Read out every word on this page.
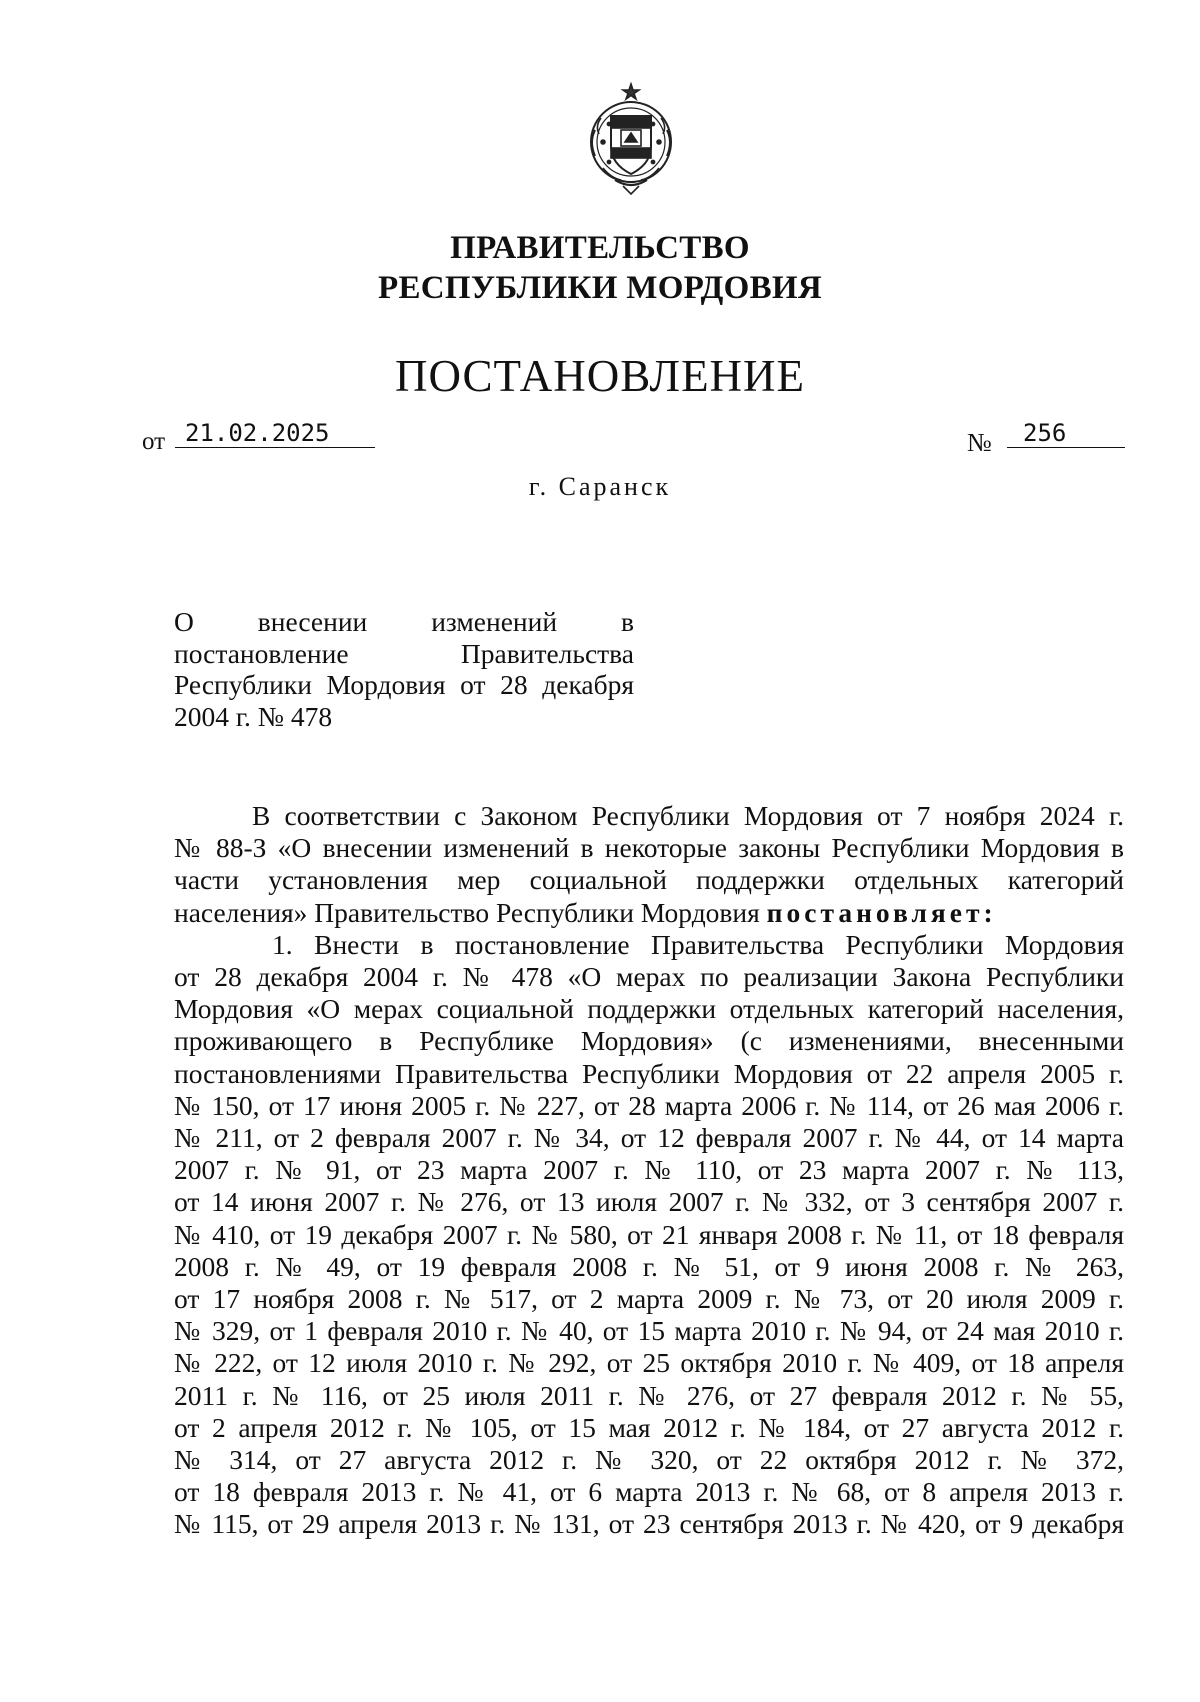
ПРАВИТЕЛЬСТВО
РЕСПУБЛИКИ МОРДОВИЯ
ПОСТАНОВЛЕНИЕ
от 21.02.2025	№	256
г. Саранск
О внесении изменений в
постановление Правительства
Республики Мордовия от 28 декабря
2004 г. № 478
В соответствии с Законом Республики Мордовия от 7 ноября 2024 г.
№ 88-З «О внесении изменений в некоторые законы Республики Мордовия в
части установления мер социальной поддержки отдельных категорий
населения» Правительство Республики Мордовия постановляет:
1. Внести в постановление Правительства Республики Мордовия
от 28 декабря 2004 г. № 478 «О мерах по реализации Закона Республики
Мордовия «О мерах социальной поддержки отдельных категорий населения,
проживающего в Республике Мордовия» (с изменениями, внесенными
постановлениями Правительства Республики Мордовия от 22 апреля 2005 г.
№ 150, от 17 июня 2005 г. № 227, от 28 марта 2006 г. № 114, от 26 мая 2006 г.
№ 211, от 2 февраля 2007 г. № 34, от 12 февраля 2007 г. № 44, от 14 марта
2007 г. № 91, от 23 марта 2007 г. № 110, от 23 марта 2007 г. № 113,
от 14 июня 2007 г. № 276, от 13 июля 2007 г. № 332, от 3 сентября 2007 г.
№ 410, от 19 декабря 2007 г. № 580, от 21 января 2008 г. № 11, от 18 февраля
2008 г. № 49, от 19 февраля 2008 г. № 51, от 9 июня 2008 г. № 263,
от 17 ноября 2008 г. № 517, от 2 марта 2009 г. № 73, от 20 июля 2009 г.
№ 329, от 1 февраля 2010 г. № 40, от 15 марта 2010 г. № 94, от 24 мая 2010 г.
№ 222, от 12 июля 2010 г. № 292, от 25 октября 2010 г. № 409, от 18 апреля
2011 г. № 116, от 25 июля 2011 г. № 276, от 27 февраля 2012 г. № 55,
от 2 апреля 2012 г. № 105, от 15 мая 2012 г. № 184, от 27 августа 2012 г.
№ 314, от 27 августа 2012 г. № 320, от 22 октября 2012 г. № 372,
от 18 февраля 2013 г. № 41, от 6 марта 2013 г. № 68, от 8 апреля 2013 г.
№ 115, от 29 апреля 2013 г. № 131, от 23 сентября 2013 г. № 420, от 9 декабря
